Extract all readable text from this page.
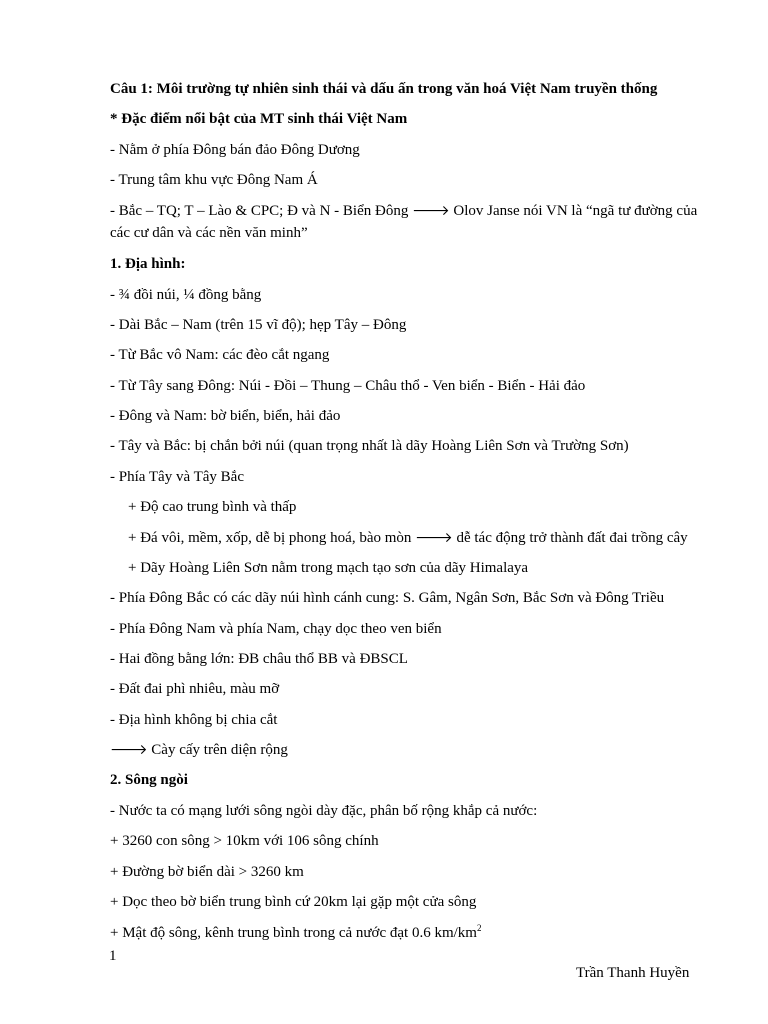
Câu 1: Môi trường tự nhiên sinh thái và dấu ấn trong văn hoá Việt Nam truyền thống
* Đặc điểm nổi bật của MT sinh thái Việt Nam
- Nằm ở phía Đông bán đảo Đông Dương
- Trung tâm khu vực Đông Nam Á
- Bắc – TQ; T – Lào & CPC; Đ và N - Biển Đông 🡒 Olov Janse nói VN là “ngã tư đường của các cư dân và các nền văn minh”
1. Địa hình:
- ¾ đồi núi, ¼ đồng bằng
- Dài Bắc – Nam (trên 15 vĩ độ); hẹp Tây – Đông
- Từ Bắc vô Nam: các đèo cắt ngang
- Từ Tây sang Đông: Núi - Đồi – Thung – Châu thổ - Ven biển - Biển - Hải đảo
- Đông và Nam: bờ biển, biển, hải đảo
- Tây và Bắc: bị chắn bởi núi (quan trọng nhất là dãy Hoàng Liên Sơn và Trường Sơn)
- Phía Tây và Tây Bắc
+ Độ cao trung bình và thấp
+ Đá vôi, mềm, xốp, dễ bị phong hoá, bào mòn 🡒 dễ tác động trở thành đất đai trồng cây
+ Dãy Hoàng Liên Sơn nằm trong mạch tạo sơn của dãy Himalaya
- Phía Đông Bắc có các dãy núi hình cánh cung: S. Gâm, Ngân Sơn, Bắc Sơn và Đông Triều
- Phía Đông Nam và phía Nam, chạy dọc theo ven biển
- Hai đồng bằng lớn: ĐB châu thổ BB và ĐBSCL
- Đất đai phì nhiêu, màu mỡ
- Địa hình không bị chia cắt
🡒 Cày cấy trên diện rộng
2. Sông ngòi
- Nước ta có mạng lưới sông ngòi dày đặc, phân bố rộng khắp cả nước:
+ 3260 con sông > 10km với 106 sông chính
+ Đường bờ biển dài > 3260 km
+ Dọc theo bờ biển trung bình cứ 20km lại gặp một cửa sông
+ Mật độ sông, kênh trung bình trong cả nước đạt 0.6 $km/km^2$
1
Trần Thanh Huyền
